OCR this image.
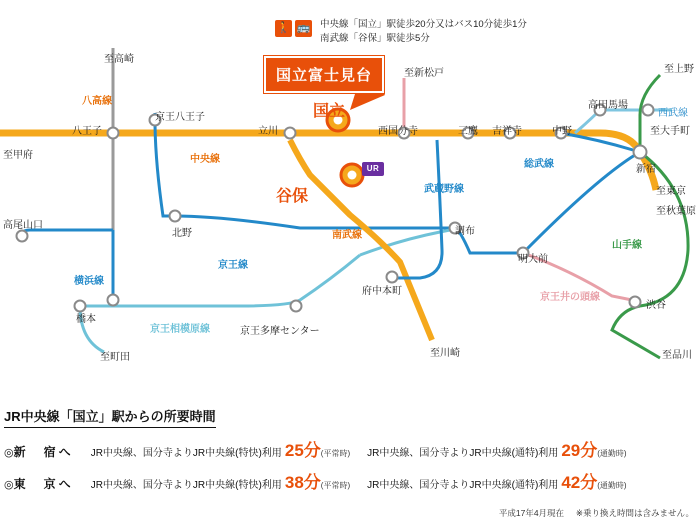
国立富士見台
中央線「国立」駅徒歩20分又はバス10分徒歩1分
南武線「谷保」駅徒歩5分
🚶 🚌
国立
谷保
UR
至高崎
八高線
八王子
京王八王子
立川	西国分寺	三鷹 吉祥寺	中野
高田馬場
西武線
至大手町
至上野
至新松戸
中央線
至甲府
新宿
至東京
至秋葉原
北野
高尾山口
南武線
武蔵野線
総武線
調布
明大前
山手線
京王線
横浜線
府中本町
京王井の頭線
渋谷
橋本
京王相模原線	京王多摩センター
至町田	至川崎	至品川
JR中央線「国立」駅からの所要時間
◎新　宿へ JR中央線、国分寺よりJR中央線(特快)利用 25分(平常時) JR中央線、国分寺よりJR中央線(通特)利用 29分(通勤時)
◎東　京へ JR中央線、国分寺よりJR中央線(特快)利用 38分(平常時) JR中央線、国分寺よりJR中央線(通特)利用 42分(通勤時)
平成17年4月現在 ※乗り換え時間は含みません。
